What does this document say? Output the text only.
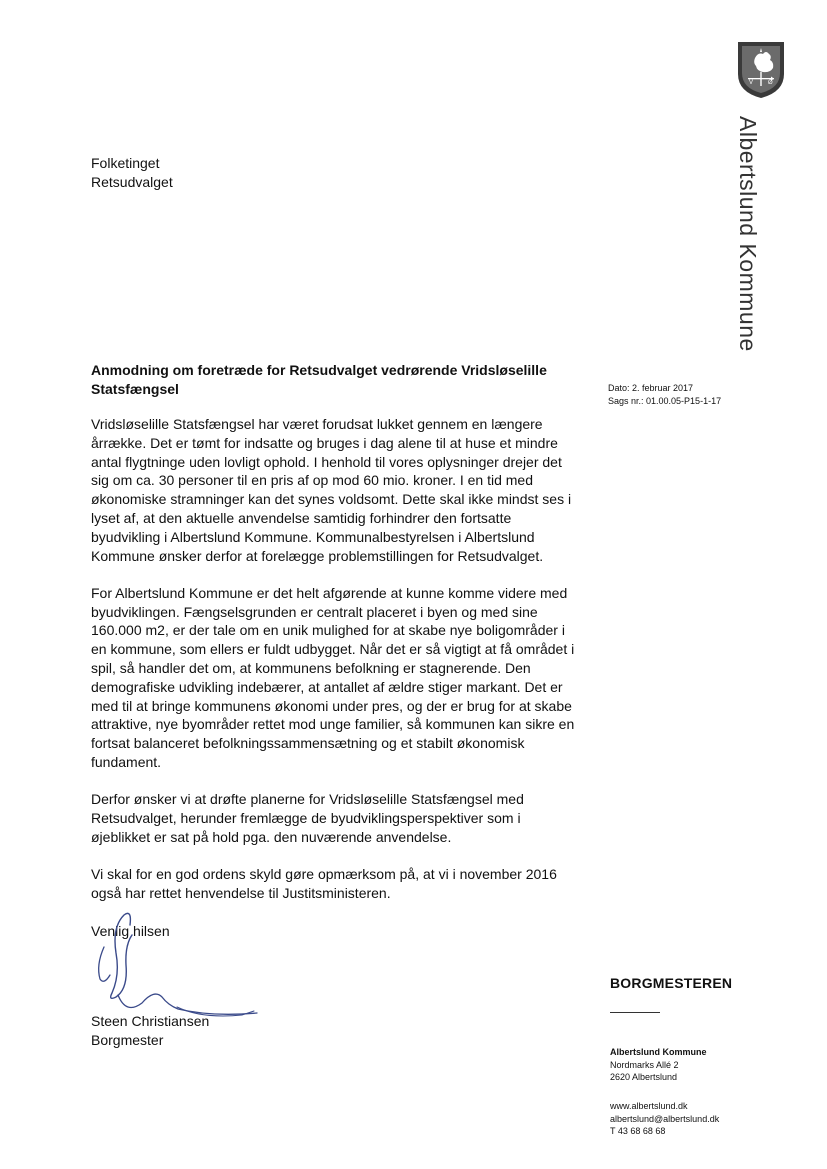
V Ø
Albertslund Kommune
Folketinget
Retsudvalget
Anmodning om foretræde for Retsudvalget vedrørende Vridsløselille
Statsfængsel	Dato: 2. februar 2017
Sags nr.: 01.00.05-P15-1-17

Vridsløselille Statsfængsel har været forudsat lukket gennem en længere
årrække. Det er tømt for indsatte og bruges i dag alene til at huse et mindre
antal flygtninge uden lovligt ophold. I henhold til vores oplysninger drejer det
sig om ca. 30 personer til en pris af op mod 60 mio. kroner. I en tid med
økonomiske stramninger kan det synes voldsomt. Dette skal ikke mindst ses i
lyset af, at den aktuelle anvendelse samtidig forhindrer den fortsatte
byudvikling i Albertslund Kommune. Kommunalbestyrelsen i Albertslund
Kommune ønsker derfor at forelægge problemstillingen for Retsudvalget.

For Albertslund Kommune er det helt afgørende at kunne komme videre med
byudviklingen. Fængselsgrunden er centralt placeret i byen og med sine
160.000 m2, er der tale om en unik mulighed for at skabe nye boligområder i
en kommune, som ellers er fuldt udbygget. Når det er så vigtigt at få området i
spil, så handler det om, at kommunens befolkning er stagnerende. Den
demografiske udvikling indebærer, at antallet af ældre stiger markant. Det er
med til at bringe kommunens økonomi under pres, og der er brug for at skabe
attraktive, nye byområder rettet mod unge familier, så kommunen kan sikre en
fortsat balanceret befolkningssammensætning og et stabilt økonomisk
fundament.

Derfor ønsker vi at drøfte planerne for Vridsløselille Statsfængsel med
Retsudvalget, herunder fremlægge de byudviklingsperspektiver som i
øjeblikket er sat på hold pga. den nuværende anvendelse.

Vi skal for en god ordens skyld gøre opmærksom på, at vi i november 2016
også har rettet henvendelse til Justitsministeren.

Venlig hilsen
Steen Christiansen
Borgmester
BORGMESTEREN
Albertslund Kommune
Nordmarks Allé 2
2620 Albertslund
www.albertslund.dk
albertslund@albertslund.dk
T 43 68 68 68
